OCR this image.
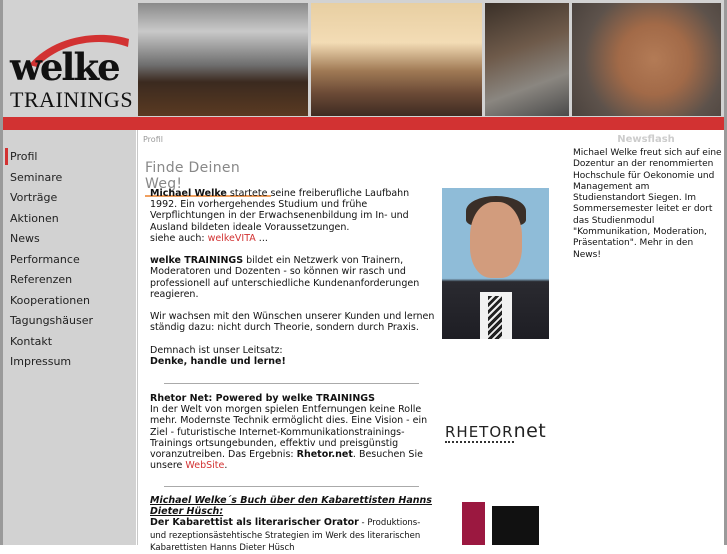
welke
TRAININGS
Profil
Seminare
Vorträge
Aktionen
News
Performance
Referenzen
Kooperationen
Tagungshäuser
Kontakt
Impressum
Profil
Finde Deinen Weg!
Michael Welke startete seine freiberufliche Laufbahn 1992. Ein vorhergehendes Studium und frühe Verpflichtungen in der Erwachsenenbildung im In- und Ausland bildeten ideale Voraussetzungen.
siehe auch: welkeVITA ...

welke TRAININGS bildet ein Netzwerk von Trainern, Moderatoren und Dozenten - so können wir rasch und professionell auf unterschiedliche Kundenanforderungen reagieren.

Wir wachsen mit den Wünschen unserer Kunden und lernen ständig dazu: nicht durch Theorie, sondern durch Praxis.

Demnach ist unser Leitsatz:
Denke, handle und lerne!
Rhetor Net: Powered by welke TRAININGS
In der Welt von morgen spielen Entfernungen keine Rolle mehr. Modernste Technik ermöglicht dies. Eine Vision - ein Ziel - futuristische Internet-Kommunikationstrainings-Trainings ortsungebunden, effektiv und preisgünstig voranzutreiben. Das Ergebnis: Rhetor.net. Besuchen Sie unsere WebSite.
RHETORnet
Michael Welke´s Buch über den Kabarettisten Hanns Dieter Hüsch:
Der Kabarettist als literarischer Orator - Produktions- und rezeptionsästehtische Strategien im Werk des literarischen Kabarettisten Hanns Dieter Hüsch
Newsflash
Michael Welke freut sich auf eine Dozentur an der renommierten Hochschule für Oekonomie und Management am Studienstandort Siegen. Im Sommersemester leitet er dort das Studienmodul "Kommunikation, Moderation, Präsentation". Mehr in den News!
